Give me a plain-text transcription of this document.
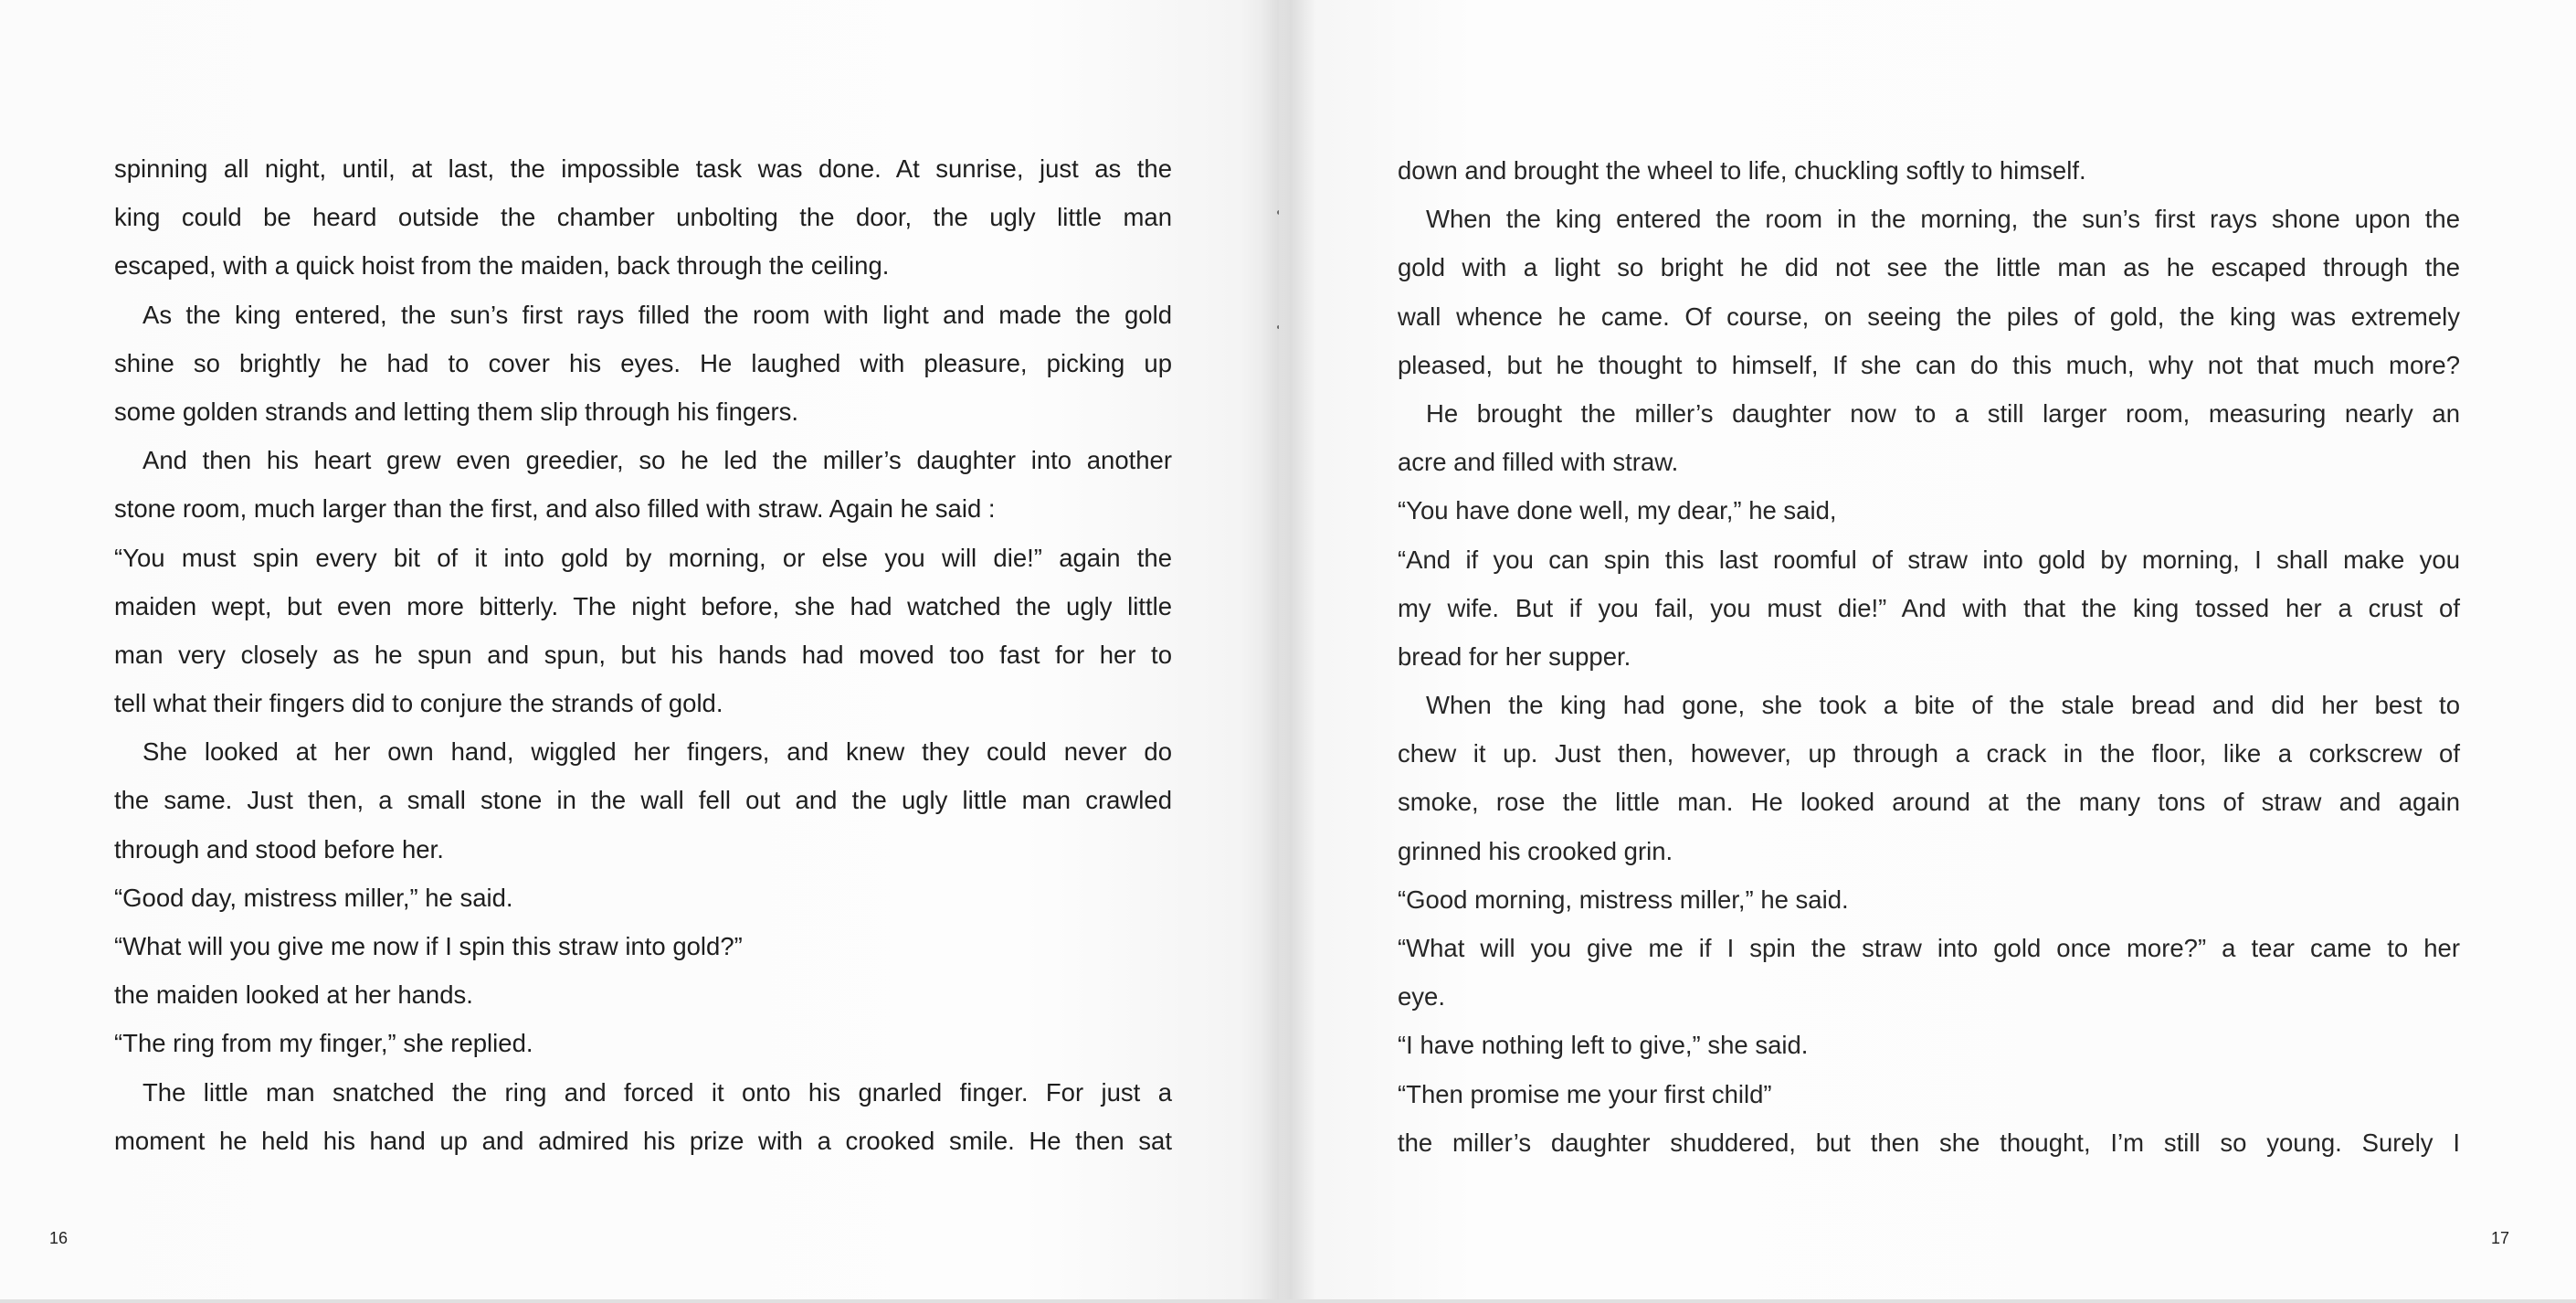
spinning all night, until, at last, the impossible task was done. At sunrise, just as the
king could be heard outside the chamber unbolting the door, the ugly little man
escaped, with a quick hoist from the maiden, back through the ceiling.
As the king entered, the sun’s first rays filled the room with light and made the gold
shine so brightly he had to cover his eyes. He laughed with pleasure, picking up
some golden strands and letting them slip through his fingers.
And then his heart grew even greedier, so he led the miller’s daughter into another
stone room, much larger than the first, and also filled with straw. Again he said :
“You must spin every bit of it into gold by morning, or else you will die!” again the
maiden wept, but even more bitterly. The night before, she had watched the ugly little
man very closely as he spun and spun, but his hands had moved too fast for her to
tell what their fingers did to conjure the strands of gold.
She looked at her own hand, wiggled her fingers, and knew they could never do
the same. Just then, a small stone in the wall fell out and the ugly little man crawled
through and stood before her.
“Good day, mistress miller,” he said.
“What will you give me now if I spin this straw into gold?”
the maiden looked at her hands.
“The ring from my finger,” she replied.
The little man snatched the ring and forced it onto his gnarled finger. For just a
moment he held his hand up and admired his prize with a crooked smile. He then sat
16
down and brought the wheel to life, chuckling softly to himself.
When the king entered the room in the morning, the sun’s first rays shone upon the
gold with a light so bright he did not see the little man as he escaped through the
wall whence he came. Of course, on seeing the piles of gold, the king was extremely
pleased, but he thought to himself, If she can do this much, why not that much more?
He brought the miller’s daughter now to a still larger room, measuring nearly an
acre and filled with straw.
“You have done well, my dear,” he said,
“And if you can spin this last roomful of straw into gold by morning, I shall make you
my wife. But if you fail, you must die!” And with that the king tossed her a crust of
bread for her supper.
When the king had gone, she took a bite of the stale bread and did her best to
chew it up. Just then, however, up through a crack in the floor, like a corkscrew of
smoke, rose the little man. He looked around at the many tons of straw and again
grinned his crooked grin.
“Good morning, mistress miller,” he said.
“What will you give me if I spin the straw into gold once more?” a tear came to her
eye.
“I have nothing left to give,” she said.
“Then promise me your first child”
the miller’s daughter shuddered, but then she thought, I’m still so young. Surely I
17
